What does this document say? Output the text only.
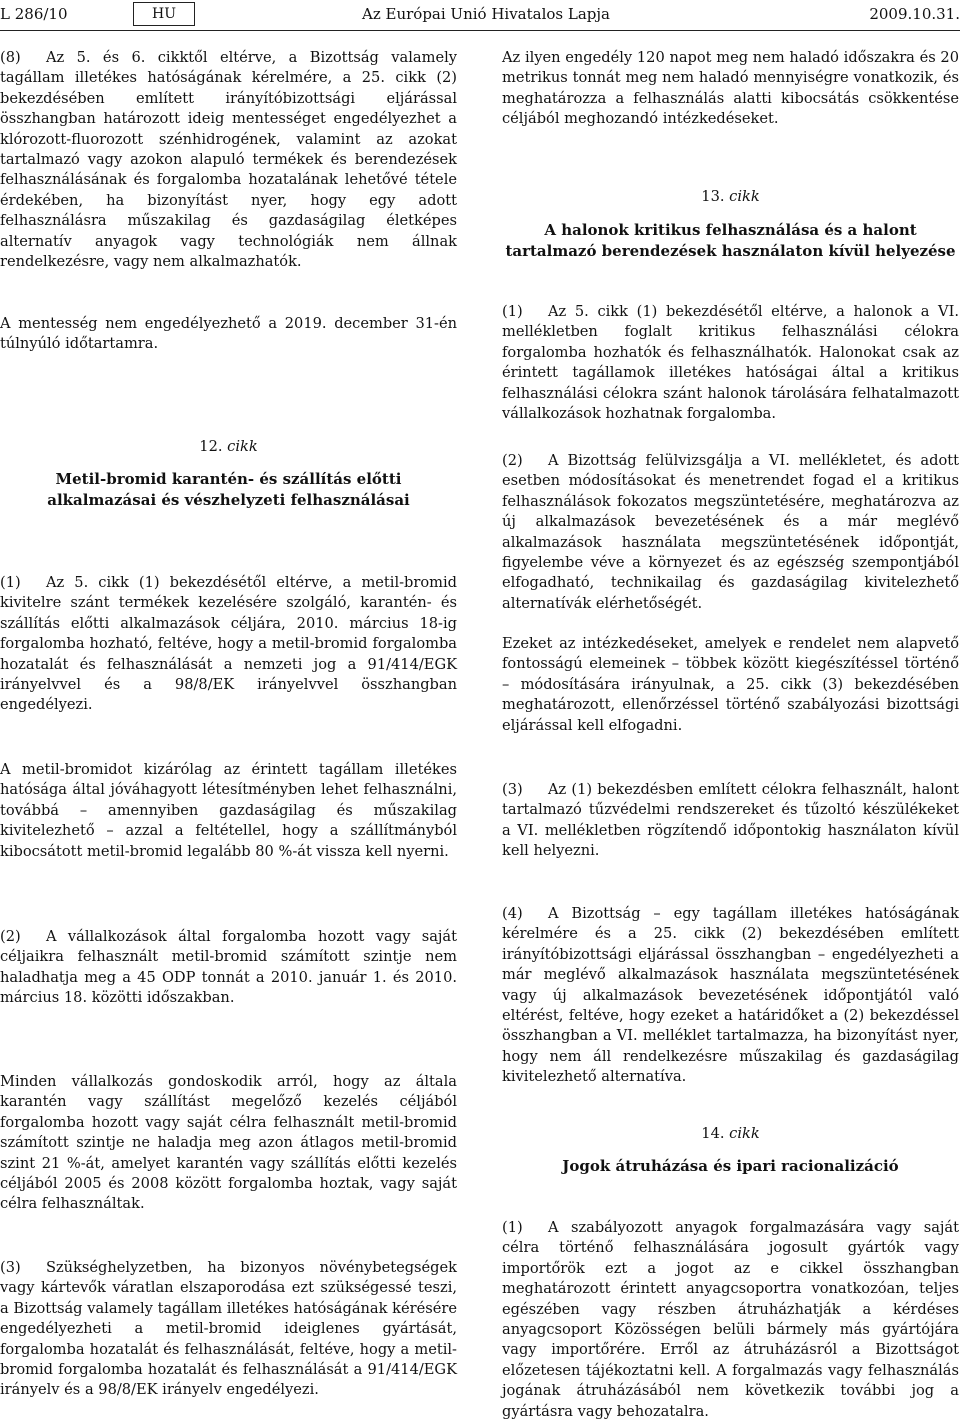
L 286/10	HU	Az Európai Unió Hivatalos Lapja	2009.10.31.
(8) Az 5. és 6. cikktől eltérve, a Bizottság valamely tagállam illetékes hatóságának kérelmére, a 25. cikk (2) bekezdésében említett irányítóbizottsági eljárással összhangban határozott ideig mentességet engedélyezhet a klórozott-fluorozott szénhidrogének, valamint az azokat tartalmazó vagy azokon alapuló termékek és berendezések felhasználásának és forgalomba hozatalának lehetővé tétele érdekében, ha bizonyítást nyer, hogy egy adott felhasználásra műszakilag és gazdaságilag életképes alternatív anyagok vagy technológiák nem állnak rendelkezésre, vagy nem alkalmazhatók.
A mentesség nem engedélyezhető a 2019. december 31-én túlnyúló időtartamra.
12. cikk
Metil-bromid karantén- és szállítás előtti alkalmazásai és vészhelyzeti felhasználásai
(1) Az 5. cikk (1) bekezdésétől eltérve, a metil-bromid kivitelre szánt termékek kezelésére szolgáló, karantén- és szállítás előtti alkalmazások céljára, 2010. március 18-ig forgalomba hozható, feltéve, hogy a metil-bromid forgalomba hozatalát és felhasználását a nemzeti jog a 91/414/EGK irányelvvel és a 98/8/EK irányelvvel összhangban engedélyezi.
A metil-bromidot kizárólag az érintett tagállam illetékes hatósága által jóváhagyott létesítményben lehet felhasználni, továbbá – amennyiben gazdaságilag és műszakilag kivitelezhető – azzal a feltétellel, hogy a szállítmányból kibocsátott metil-bromid legalább 80 %-át vissza kell nyerni.
(2) A vállalkozások által forgalomba hozott vagy saját céljaikra felhasznált metil-bromid számított szintje nem haladhatja meg a 45 ODP tonnát a 2010. január 1. és 2010. március 18. közötti időszakban.
Minden vállalkozás gondoskodik arról, hogy az általa karantén vagy szállítást megelőző kezelés céljából forgalomba hozott vagy saját célra felhasznált metil-bromid számított szintje ne haladja meg azon átlagos metil-bromid szint 21 %-át, amelyet karantén vagy szállítás előtti kezelés céljából 2005 és 2008 között forgalomba hoztak, vagy saját célra felhasználtak.
(3) Szükséghelyzetben, ha bizonyos növénybetegségek vagy kártevők váratlan elszaporodása ezt szükségessé teszi, a Bizottság valamely tagállam illetékes hatóságának kérésére engedélyezheti a metil-bromid ideiglenes gyártását, forgalomba hozatalát és felhasználását, feltéve, hogy a metil-bromid forgalomba hozatalát és felhasználását a 91/414/EGK irányelv és a 98/8/EK irányelv engedélyezi.
Az ilyen engedély 120 napot meg nem haladó időszakra és 20 metrikus tonnát meg nem haladó mennyiségre vonatkozik, és meghatározza a felhasználás alatti kibocsátás csökkentése céljából meghozandó intézkedéseket.
13. cikk
A halonok kritikus felhasználása és a halont tartalmazó berendezések használaton kívül helyezése
(1) Az 5. cikk (1) bekezdésétől eltérve, a halonok a VI. mellékletben foglalt kritikus felhasználási célokra forgalomba hozhatók és felhasználhatók. Halonokat csak az érintett tagállamok illetékes hatóságai által a kritikus felhasználási célokra szánt halonok tárolására felhatalmazott vállalkozások hozhatnak forgalomba.
(2) A Bizottság felülvizsgálja a VI. mellékletet, és adott esetben módosításokat és menetrendet fogad el a kritikus felhasználások fokozatos megszüntetésére, meghatározva az új alkalmazások bevezetésének és a már meglévő alkalmazások használata megszüntetésének időpontját, figyelembe véve a környezet és az egészség szempontjából elfogadható, technikailag és gazdaságilag kivitelezhető alternatívák elérhetőségét.
Ezeket az intézkedéseket, amelyek e rendelet nem alapvető fontosságú elemeinek – többek között kiegészítéssel történő – módosítására irányulnak, a 25. cikk (3) bekezdésében meghatározott, ellenőrzéssel történő szabályozási bizottsági eljárással kell elfogadni.
(3) Az (1) bekezdésben említett célokra felhasznált, halont tartalmazó tűzvédelmi rendszereket és tűzoltó készülékeket a VI. mellékletben rögzítendő időpontokig használaton kívül kell helyezni.
(4) A Bizottság – egy tagállam illetékes hatóságának kérelmére és a 25. cikk (2) bekezdésében említett irányítóbizottsági eljárással összhangban – engedélyezheti a már meglévő alkalmazások használata megszüntetésének vagy új alkalmazások bevezetésének időpontjától való eltérést, feltéve, hogy ezeket a határidőket a (2) bekezdéssel összhangban a VI. melléklet tartalmazza, ha bizonyítást nyer, hogy nem áll rendelkezésre műszakilag és gazdaságilag kivitelezhető alternatíva.
14. cikk
Jogok átruházása és ipari racionalizáció
(1) A szabályozott anyagok forgalmazására vagy saját célra történő felhasználására jogosult gyártók vagy importőrök ezt a jogot az e cikkel összhangban meghatározott érintett anyagcsoportra vonatkozóan, teljes egészében vagy részben átruházhatják a kérdéses anyagcsoport Közösségen belüli bármely más gyártójára vagy importőrére. Erről az átruházásról a Bizottságot előzetesen tájékoztatni kell. A forgalmazás vagy felhasználás jogának átruházásából nem következik további jog a gyártásra vagy behozatalra.
